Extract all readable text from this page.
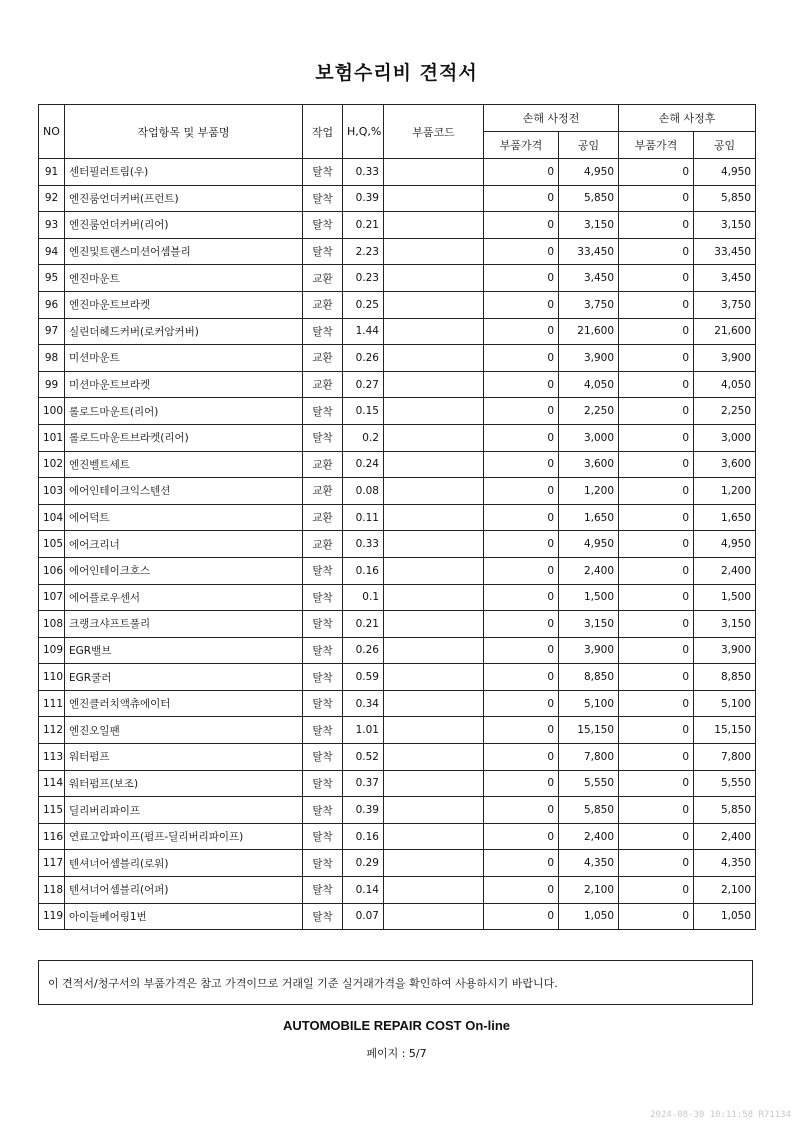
보험수리비 견적서
NO	작업항목 및 부품명	작업	H,Q,%	부품코드	손해 사정전		손해 사정후	
					부품가격	공임	부품가격	공임
91	센터필러트림(우)	탈착	0.33		0	4,950	0	4,950
92	엔진룸언더커버(프런트)	탈착	0.39		0	5,850	0	5,850
93	엔진룸언더커버(리어)	탈착	0.21		0	3,150	0	3,150
94	엔진및트랜스미션어셈블리	탈착	2.23		0	33,450	0	33,450
95	엔진마운트	교환	0.23		0	3,450	0	3,450
96	엔진마운트브라켓	교환	0.25		0	3,750	0	3,750
97	실린더헤드커버(로커암커버)	탈착	1.44		0	21,600	0	21,600
98	미션마운트	교환	0.26		0	3,900	0	3,900
99	미션마운트브라켓	교환	0.27		0	4,050	0	4,050
100	롤로드마운트(리어)	탈착	0.15		0	2,250	0	2,250
101	롤로드마운트브라켓(리어)	탈착	0.2		0	3,000	0	3,000
102	엔진벨트세트	교환	0.24		0	3,600	0	3,600
103	에어인테이크익스텐션	교환	0.08		0	1,200	0	1,200
104	에어덕트	교환	0.11		0	1,650	0	1,650
105	에어크리너	교환	0.33		0	4,950	0	4,950
106	에어인테이크호스	탈착	0.16		0	2,400	0	2,400
107	에어플로우센서	탈착	0.1		0	1,500	0	1,500
108	크랭크샤프트풀리	탈착	0.21		0	3,150	0	3,150
109	EGR밸브	탈착	0.26		0	3,900	0	3,900
110	EGR쿨러	탈착	0.59		0	8,850	0	8,850
111	엔진클러치액츄에이터	탈착	0.34		0	5,100	0	5,100
112	엔진오일팬	탈착	1.01		0	15,150	0	15,150
113	워터펌프	탈착	0.52		0	7,800	0	7,800
114	워터펌프(보조)	탈착	0.37		0	5,550	0	5,550
115	딜리버리파이프	탈착	0.39		0	5,850	0	5,850
116	연료고압파이프(펌프-딜리버리파이프)	탈착	0.16		0	2,400	0	2,400
117	텐셔너어셈블리(로워)	탈착	0.29		0	4,350	0	4,350
118	텐셔너어셈블리(어퍼)	탈착	0.14		0	2,100	0	2,100
119	아이들베어링1번	탈착	0.07		0	1,050	0	1,050
이 견적서/청구서의 부품가격은 참고 가격이므로 거래일 기준 실거래가격을 확인하여 사용하시기 바랍니다.
AUTOMOBILE REPAIR COST On-line
페이지 : 5/7
2024-08-30 10:11:58 R71134
